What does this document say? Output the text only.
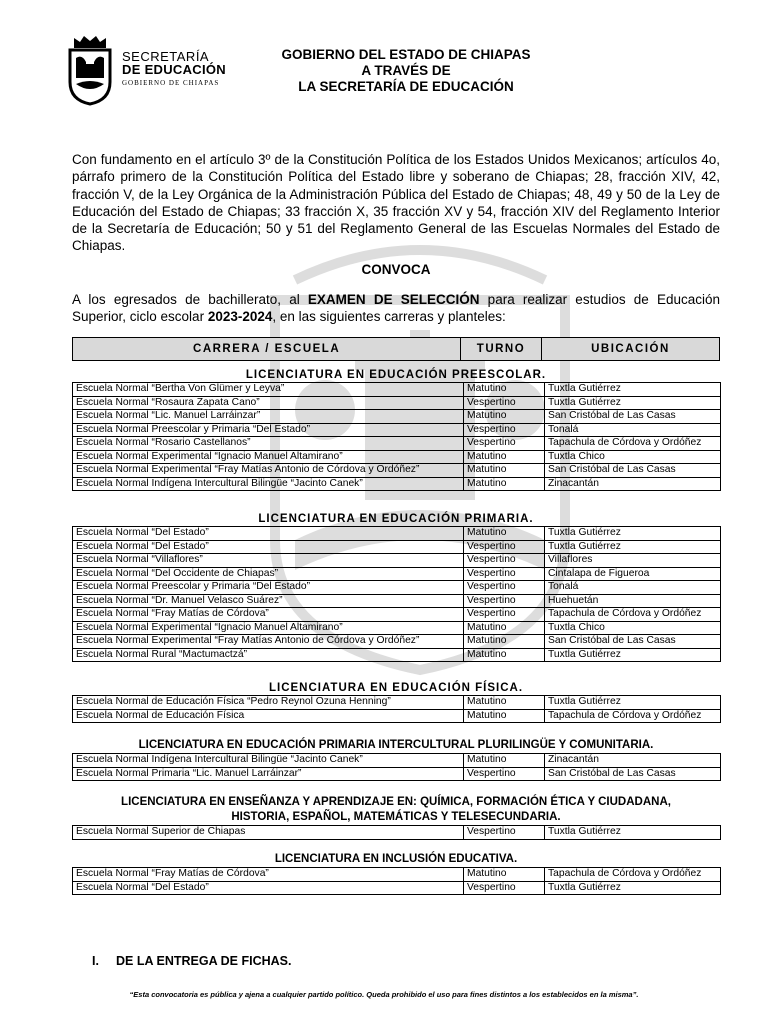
SECRETARÍA
DE EDUCACIÓN
GOBIERNO DE CHIAPAS
GOBIERNO DEL ESTADO DE CHIAPAS
A TRAVÉS DE
LA SECRETARÍA DE EDUCACIÓN
Con fundamento en el artículo 3º de la Constitución Política de los Estados Unidos Mexicanos; artículos 4o, párrafo primero de la Constitución Política del Estado libre y soberano de Chiapas; 28, fracción XIV, 42, fracción V, de la Ley Orgánica de la Administración Pública del Estado de Chiapas; 48, 49 y 50 de la Ley de Educación del Estado de Chiapas; 33 fracción X, 35 fracción XV y 54, fracción XIV del Reglamento Interior de la Secretaría de Educación; 50 y 51 del Reglamento General de las Escuelas Normales del Estado de Chiapas.
CONVOCA
A los egresados de bachillerato, al EXAMEN DE SELECCIÓN para realizar estudios de Educación Superior, ciclo escolar 2023-2024, en las siguientes carreras y planteles:
CARRERA / ESCUELA	TURNO	UBICACIÓN
LICENCIATURA EN EDUCACIÓN PREESCOLAR.
Escuela Normal “Bertha Von Glümer y Leyva”	Matutino	Tuxtla Gutiérrez
Escuela Normal “Rosaura Zapata Cano”	Vespertino	Tuxtla Gutiérrez
Escuela Normal “Lic. Manuel Larráinzar”	Matutino	San Cristóbal de Las Casas
Escuela Normal Preescolar y Primaria “Del Estado”	Vespertino	Tonalá
Escuela Normal “Rosario Castellanos”	Vespertino	Tapachula de Córdova y Ordóñez
Escuela Normal Experimental “Ignacio Manuel Altamirano”	Matutino	Tuxtla Chico
Escuela Normal Experimental “Fray Matías Antonio de Córdova y Ordóñez”	Matutino	San Cristóbal de Las Casas
Escuela Normal Indígena Intercultural Bilingüe “Jacinto Canek”	Matutino	Zinacantán
LICENCIATURA EN EDUCACIÓN PRIMARIA.
Escuela Normal “Del Estado”	Matutino	Tuxtla Gutiérrez
Escuela Normal “Del Estado”	Vespertino	Tuxtla Gutiérrez
Escuela Normal “Villaflores”	Vespertino	Villaflores
Escuela Normal “Del Occidente de Chiapas”	Vespertino	Cintalapa de Figueroa
Escuela Normal Preescolar y Primaria “Del Estado”	Vespertino	Tonalá
Escuela Normal “Dr. Manuel Velasco Suárez”	Vespertino	Huehuetán
Escuela Normal “Fray Matías de Córdova”	Vespertino	Tapachula de Córdova y Ordóñez
Escuela Normal Experimental “Ignacio Manuel Altamirano”	Matutino	Tuxtla Chico
Escuela Normal Experimental “Fray Matías Antonio de Córdova y Ordóñez”	Matutino	San Cristóbal de Las Casas
Escuela Normal Rural “Mactumactzá”	Matutino	Tuxtla Gutiérrez
LICENCIATURA EN EDUCACIÓN FÍSICA.
Escuela Normal de Educación Física “Pedro Reynol Ozuna Henning”	Matutino	Tuxtla Gutiérrez
Escuela Normal de Educación Física	Matutino	Tapachula de Córdova y Ordóñez
LICENCIATURA EN EDUCACIÓN PRIMARIA INTERCULTURAL PLURILINGÜE Y COMUNITARIA.
Escuela Normal Indígena Intercultural Bilingüe “Jacinto Canek”	Matutino	Zinacantán
Escuela Normal Primaria “Lic. Manuel Larráinzar”	Vespertino	San Cristóbal de Las Casas
LICENCIATURA EN ENSEÑANZA Y APRENDIZAJE EN: QUÍMICA, FORMACIÓN ÉTICA Y CIUDADANA, HISTORIA, ESPAÑOL, MATEMÁTICAS Y TELESECUNDARIA.
Escuela Normal Superior de Chiapas	Vespertino	Tuxtla Gutiérrez
LICENCIATURA EN INCLUSIÓN EDUCATIVA.
Escuela Normal “Fray Matías de Córdova”	Matutino	Tapachula de Córdova y Ordóñez
Escuela Normal “Del Estado”	Vespertino	Tuxtla Gutiérrez
I. DE LA ENTREGA DE FICHAS.
“Esta convocatoria es pública y ajena a cualquier partido político. Queda prohibido el uso para fines distintos a los establecidos en la misma”.
